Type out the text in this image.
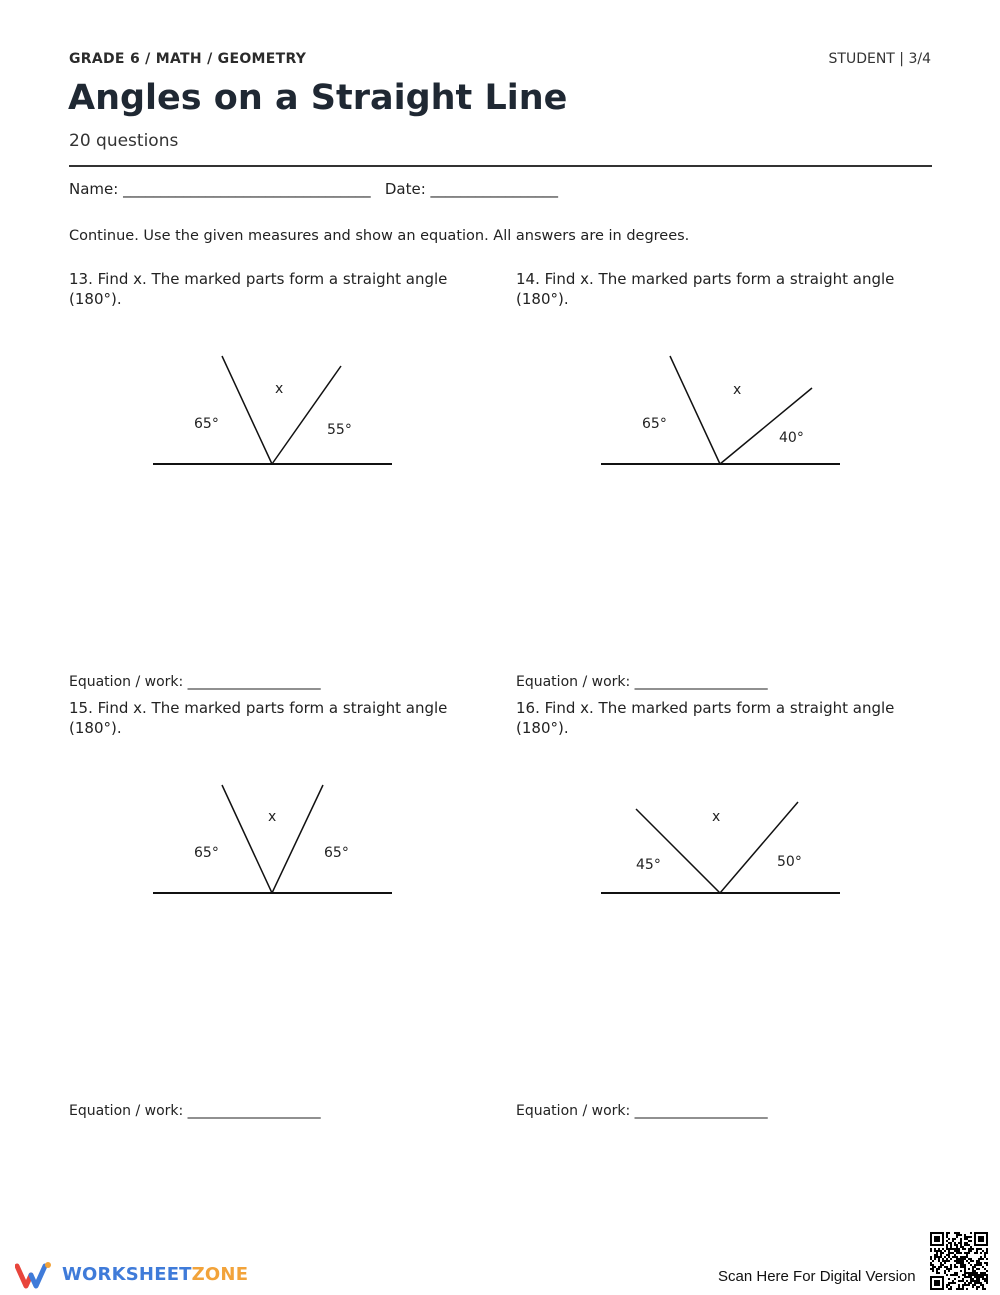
GRADE 6 / MATH / GEOMETRY	STUDENT | 3/4
Angles on a Straight Line
20 questions
Name: _________________________________   Date: _________________
Continue. Use the given measures and show an equation. All answers are in degrees.
13. Find x. The marked parts form a straight angle (180°).
x
65°	55°
Equation / work: ___________________
14. Find x. The marked parts form a straight angle (180°).
x
65°
40°
Equation / work: ___________________
15. Find x. The marked parts form a straight angle (180°).
x
65°	65°
Equation / work: ___________________
16. Find x. The marked parts form a straight angle (180°).
x
45°	50°
Equation / work: ___________________
WORKSHEETZONE	Scan Here For Digital Version
